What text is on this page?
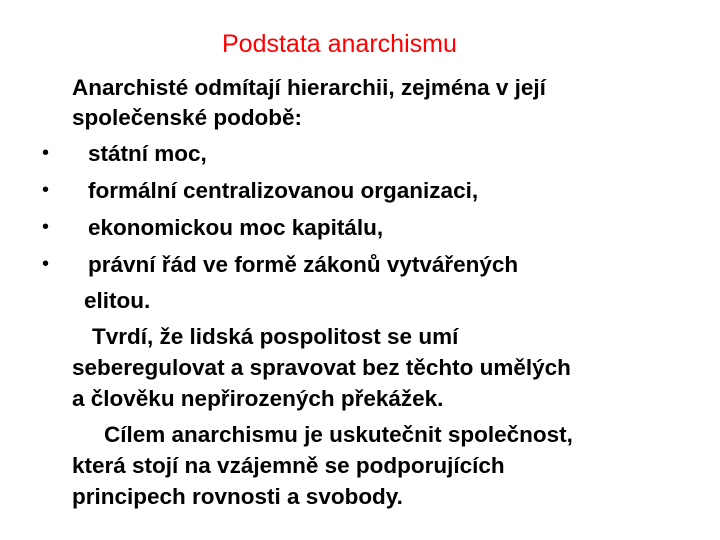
Podstata anarchismu
Anarchisté odmítají hierarchii, zejména v její
společenské podobě:
• státní moc,
• formální centralizovanou organizaci,
• ekonomickou moc kapitálu,
• právní řád ve formě zákonů vytvářených
elitou.
Tvrdí, že lidská pospolitost se umí
seberegulovat a spravovat bez těchto umělých
a člověku nepřirozených překážek.
Cílem anarchismu je uskutečnit společnost,
která stojí na vzájemně se podporujících
principech rovnosti a svobody.
